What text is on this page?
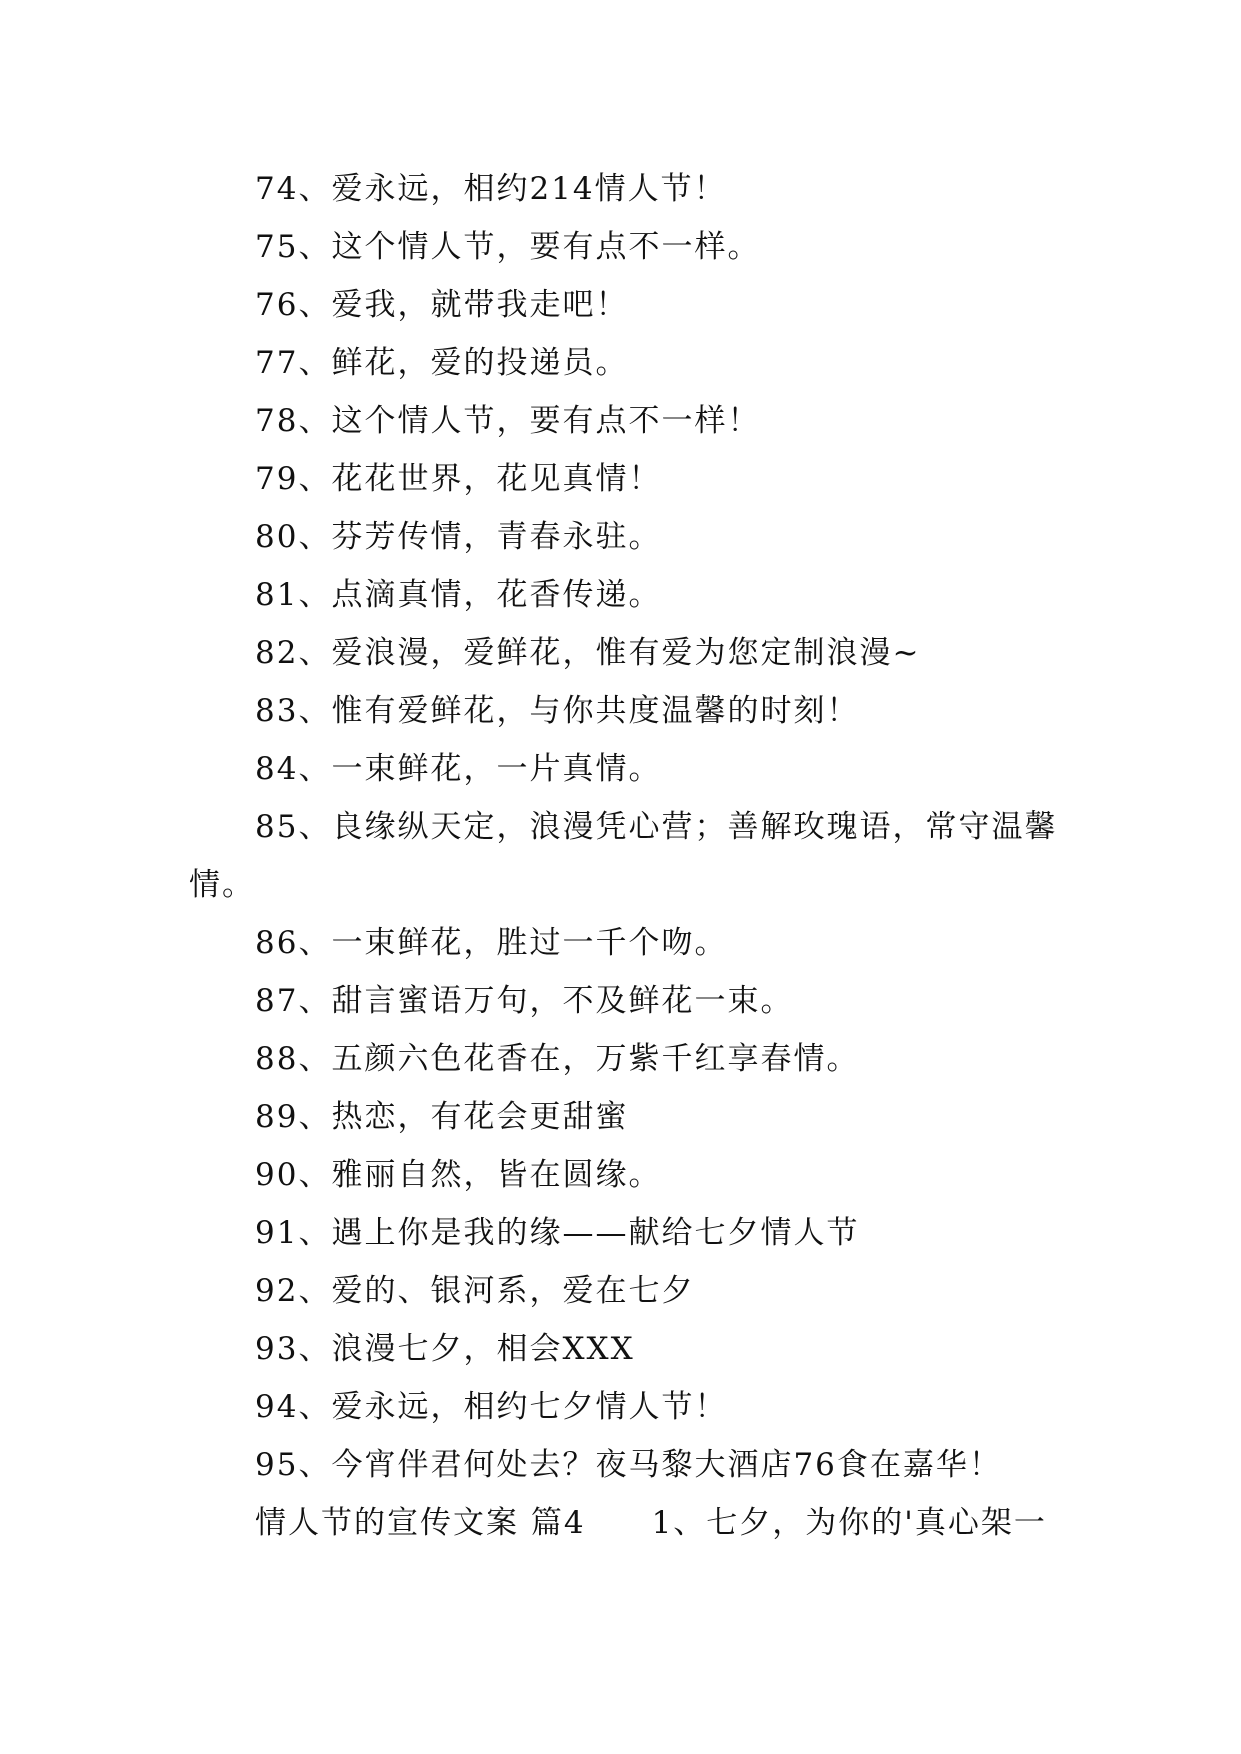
74、爱永远，相约214情人节！
75、这个情人节，要有点不一样。
76、爱我，就带我走吧！
77、鲜花，爱的投递员。
78、这个情人节，要有点不一样！
79、花花世界，花见真情！
80、芬芳传情，青春永驻。
81、点滴真情，花香传递。
82、爱浪漫，爱鲜花，惟有爱为您定制浪漫~
83、惟有爱鲜花，与你共度温馨的时刻！
84、一束鲜花，一片真情。
85、良缘纵天定，浪漫凭心营；善解玫瑰语，常守温馨
情。
86、一束鲜花，胜过一千个吻。
87、甜言蜜语万句，不及鲜花一束。
88、五颜六色花香在，万紫千红享春情。
89、热恋，有花会更甜蜜
90、雅丽自然，皆在圆缘。
91、遇上你是我的缘——献给七夕情人节
92、爱的、银河系，爱在七夕
93、浪漫七夕，相会XXX
94、爱永远，相约七夕情人节！
95、今宵伴君何处去？夜马黎大酒店76食在嘉华！
情人节的宣传文案 篇4　　1、七夕，为你的'真心架一
